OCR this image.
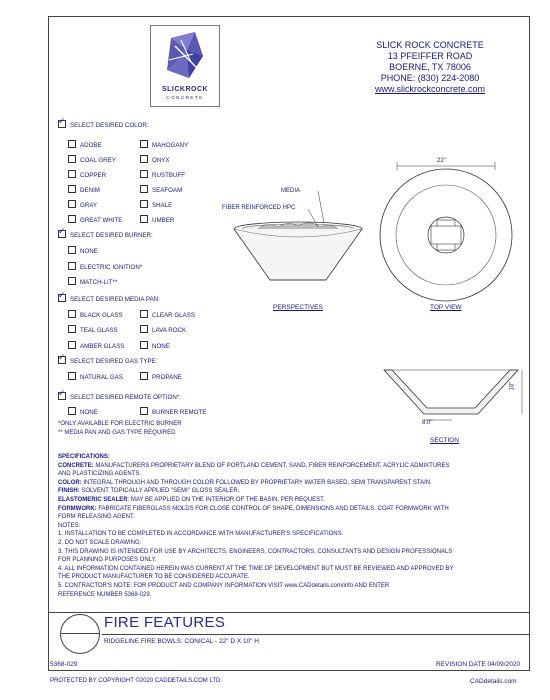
SLICKROCK
CONCRETE
SLICK ROCK CONCRETE
13 PFEIFFER ROAD
BOERNE, TX 78006
PHONE: (830) 224-2080
www.slickrockconcrete.com
✓SELECT DESIRED COLOR:
ADOBE
COAL GREY
COPPER
DENIM
GRAY
GREAT WHITE
MAHOGANY
ONYX
RUSTBUFF
SEAFOAM
SHALE
UMBER
✓SELECT DESIRED BURNER:
NONE
ELECTRIC IGNITION*
MATCH-LIT**
✓SELECT DESIRED MEDIA PAN:
BLACK GLASS
TEAL GLASS
AMBER GLASS
CLEAR GLASS
LAVA ROCK
NONE
✓SELECT DESIRED GAS TYPE:
NATURAL GAS	PROPANE
✓SELECT DESIRED REMOTE OPTION*:
NONE	BURNER REMOTE
*ONLY AVAILABLE FOR ELECTRIC BURNER
** MEDIA PAN AND GAS TYPE REQUIRED
MEDIA
FIBER REINFORCED HPC
PERSPECTIVES
22"
TOP VIEW
10"
8.0"
SECTION
SPECIFICATIONS:
CONCRETE: MANUFACTURERS PROPRIETARY BLEND OF PORTLAND CEMENT, SAND, FIBER REINFORCEMENT, ACRYLIC ADMIXTURES
AND PLASTICIZING AGENTS.
COLOR: INTEGRAL THROUGH AND THROUGH COLOR FOLLOWED BY PROPRIETARY WATER BASED, SEMI TRANSPARENT STAIN.
FINISH: SOLVENT TOPICALLY APPLIED "SEMI" GLOSS SEALER.
ELASTOMERIC SEALER: MAY BE APPLIED ON THE INTERIOR OF THE BASIN, PER REQUEST.
FORMWORK: FABRICATE FIBERGLASS MOLDS FOR CLOSE CONTROL OF SHAPE, DIMENSIONS AND DETAILS. COAT FORMWORK WITH
FORM RELEASING AGENT.
NOTES:
1. INSTALLATION TO BE COMPLETED IN ACCORDANCE WITH MANUFACTURER'S SPECIFICATIONS.
2. DO NOT SCALE DRAWING.
3. THIS DRAWING IS INTENDED FOR USE BY ARCHITECTS, ENGINEERS, CONTRACTORS, CONSULTANTS AND DESIGN PROFESSIONALS
FOR PLANNING PURPOSES ONLY.
4. ALL INFORMATION CONTAINED HEREIN WAS CURRENT AT THE TIME OF DEVELOPMENT BUT MUST BE REVIEWED AND APPROVED BY
THE PRODUCT MANUFACTURER TO BE CONSIDERED ACCURATE.
5. CONTRACTOR'S NOTE: FOR PRODUCT AND COMPANY INFORMATION VISIT www.CADdetails.com/info AND ENTER
REFERENCE NUMBER 5368-029.
FIRE FEATURES
RIDGELINE FIRE BOWLS: CONICAL - 22" D X 10" H
5368-029	REVISION DATE 04/09/2020
PROTECTED BY COPYRIGHT ©2020 CADDETAILS.COM LTD.	CADdetails.com
